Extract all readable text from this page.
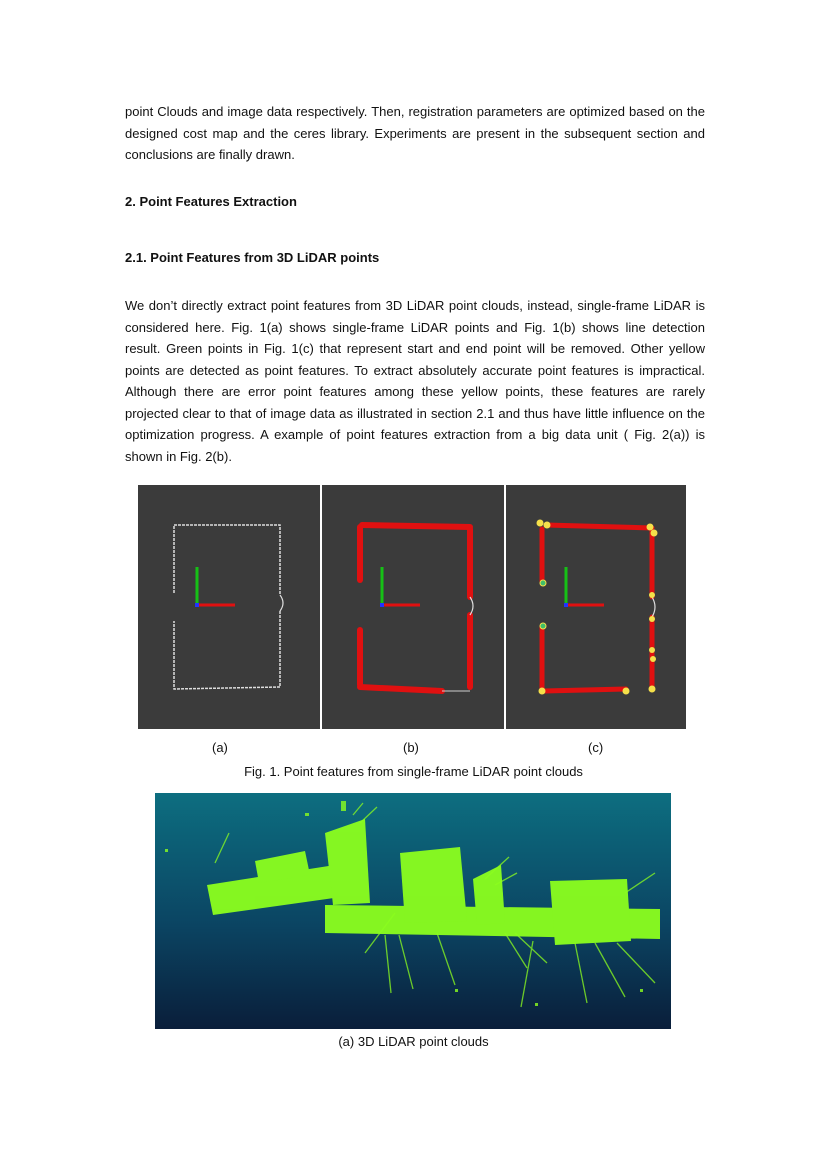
point Clouds and image data respectively. Then, registration parameters are optimized based on the designed cost map and the ceres library. Experiments are present in the subsequent section and conclusions are finally drawn.

2. Point Features Extraction

2.1. Point Features from 3D LiDAR points

We don’t directly extract point features from 3D LiDAR point clouds, instead, single-frame LiDAR is considered here. Fig. 1(a) shows single-frame LiDAR points and Fig. 1(b) shows line detection result. Green points in Fig. 1(c) that represent start and end point will be removed. Other yellow points are detected as point features. To extract absolutely accurate point features is impractical. Although there are error point features among these yellow points, these features are rarely projected clear to that of image data as illustrated in section 2.1 and thus have little influence on the optimization progress. A example of point features extraction from a big data unit ( Fig. 2(a)) is shown in Fig. 2(b).

(a)	(b)	(c)
Fig. 1. Point features from single-frame LiDAR point clouds
(a) 3D LiDAR point clouds
